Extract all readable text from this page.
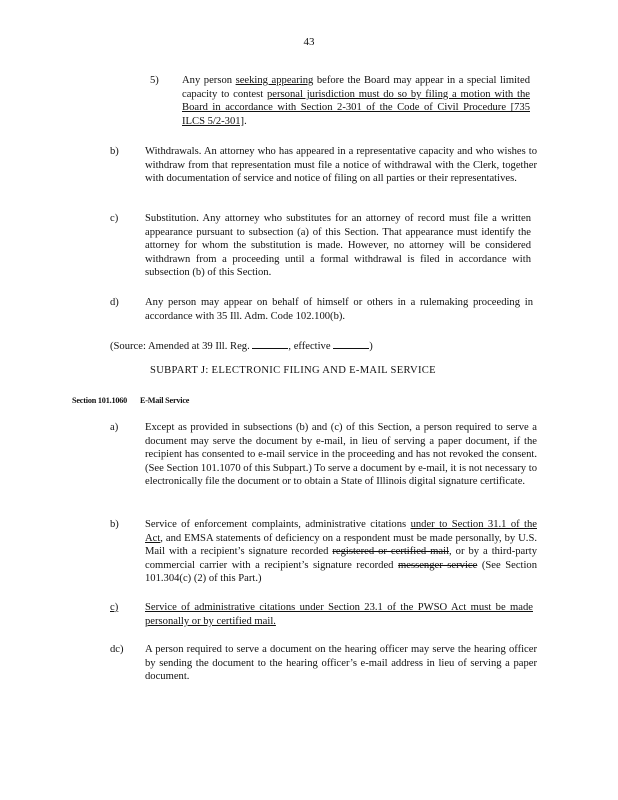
43
5) Any person seeking appearing before the Board may appear in a special limited capacity to contest personal jurisdiction must do so by filing a motion with the Board in accordance with Section 2-301 of the Code of Civil Procedure [735 ILCS 5/2-301].
b) Withdrawals. An attorney who has appeared in a representative capacity and who wishes to withdraw from that representation must file a notice of withdrawal with the Clerk, together with documentation of service and notice of filing on all parties or their representatives.
c)	Substitution. Any attorney who substitutes for an attorney of record must file a written appearance pursuant to subsection (a) of this Section. That appearance must identify the attorney for whom the substitution is made. However, no attorney will be considered withdrawn from a proceeding until a formal withdrawal is filed in accordance with subsection (b) of this Section.
d) Any person may appear on behalf of himself or others in a rulemaking proceeding in accordance with 35 Ill. Adm. Code 102.100(b).
(Source: Amended at 39 Ill. Reg.	, effective	)
SUBPART J: ELECTRONIC FILING AND E-MAIL SERVICE
Section 101.1060 E-Mail Service
a)	Except as provided in subsections (b) and (c) of this Section, a person required to serve a document may serve the document by e-mail, in lieu of serving a paper document, if the recipient has consented to e-mail service in the proceeding and has not revoked the consent. (See Section 101.1070 of this Subpart.) To serve a document by e-mail, it is not necessary to electronically file the document or to obtain a State of Illinois digital signature certificate.
b) Service of enforcement complaints, administrative citations under to Section 31.1 of the Act, and EMSA statements of deficiency on a respondent must be made personally, by U.S. Mail with a recipient’s signature recorded registered or certified mail, or by a third-party commercial carrier with a recipient’s signature recorded messenger service (See Section 101.304(c) (2) of this Part.)
c)	Service of administrative citations under Section 23.1 of the PWSO Act must be made personally or by certified mail.
dc) A person required to serve a document on the hearing officer may serve the hearing officer by sending the document to the hearing officer’s e-mail address in lieu of serving a paper document.
